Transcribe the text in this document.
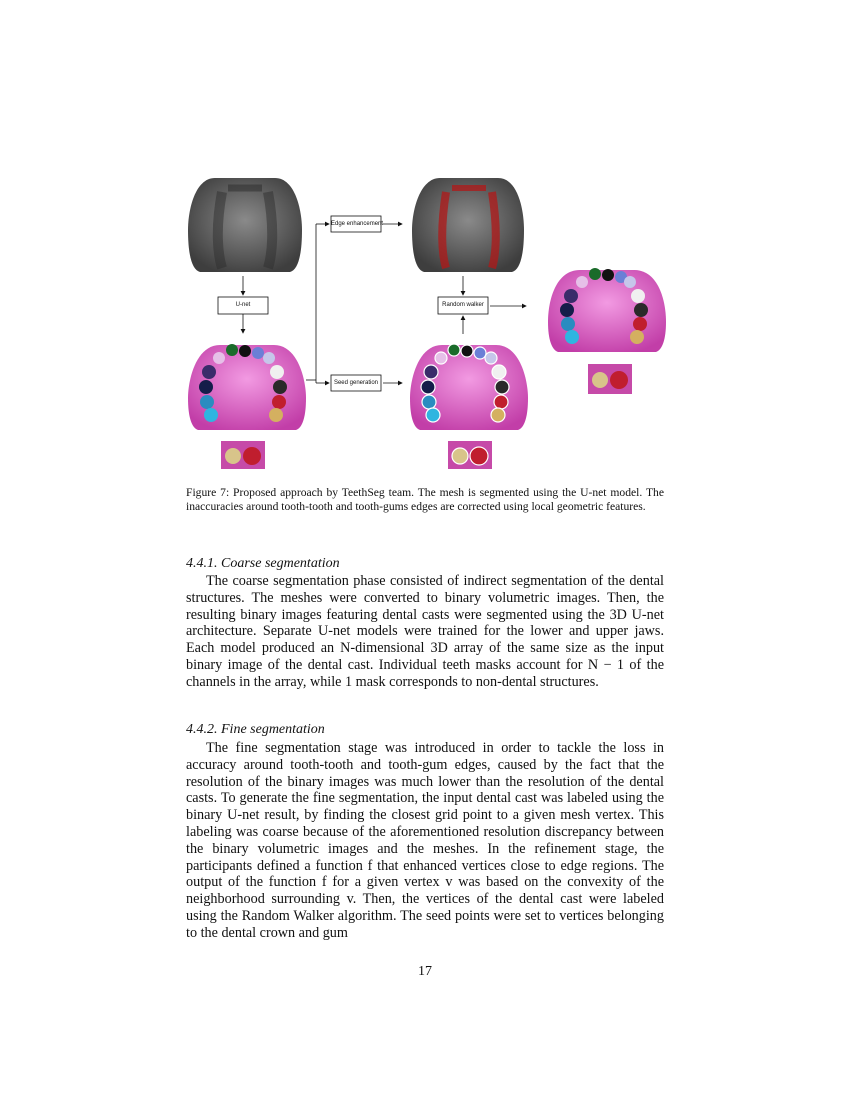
U-net
Edge enhancement
Seed generation
Random walker
Figure 7: Proposed approach by TeethSeg team. The mesh is segmented using the U-net model. The inaccuracies around tooth-tooth and tooth-gums edges are corrected using local geometric features.
4.4.1. Coarse segmentation

The coarse segmentation phase consisted of indirect segmentation of the dental structures. The meshes were converted to binary volumetric images. Then, the resulting binary images featuring dental casts were segmented using the 3D U-net architecture. Separate U-net models were trained for the lower and upper jaws. Each model produced an N-dimensional 3D array of the same size as the input binary image of the dental cast. Individual teeth masks account for N − 1 of the channels in the array, while 1 mask corresponds to non-dental structures.

4.4.2. Fine segmentation

The fine segmentation stage was introduced in order to tackle the loss in accuracy around tooth-tooth and tooth-gum edges, caused by the fact that the resolution of the binary images was much lower than the resolution of the dental casts. To generate the fine segmentation, the input dental cast was labeled using the binary U-net result, by finding the closest grid point to a given mesh vertex. This labeling was coarse because of the aforementioned resolution discrepancy between the binary volumetric images and the meshes. In the refinement stage, the participants defined a function f that enhanced vertices close to edge regions. The output of the function f for a given vertex v was based on the convexity of the neighborhood surrounding v. Then, the vertices of the dental cast were labeled using the Random Walker algorithm. The seed points were set to vertices belonging to the dental crown and gum

17
